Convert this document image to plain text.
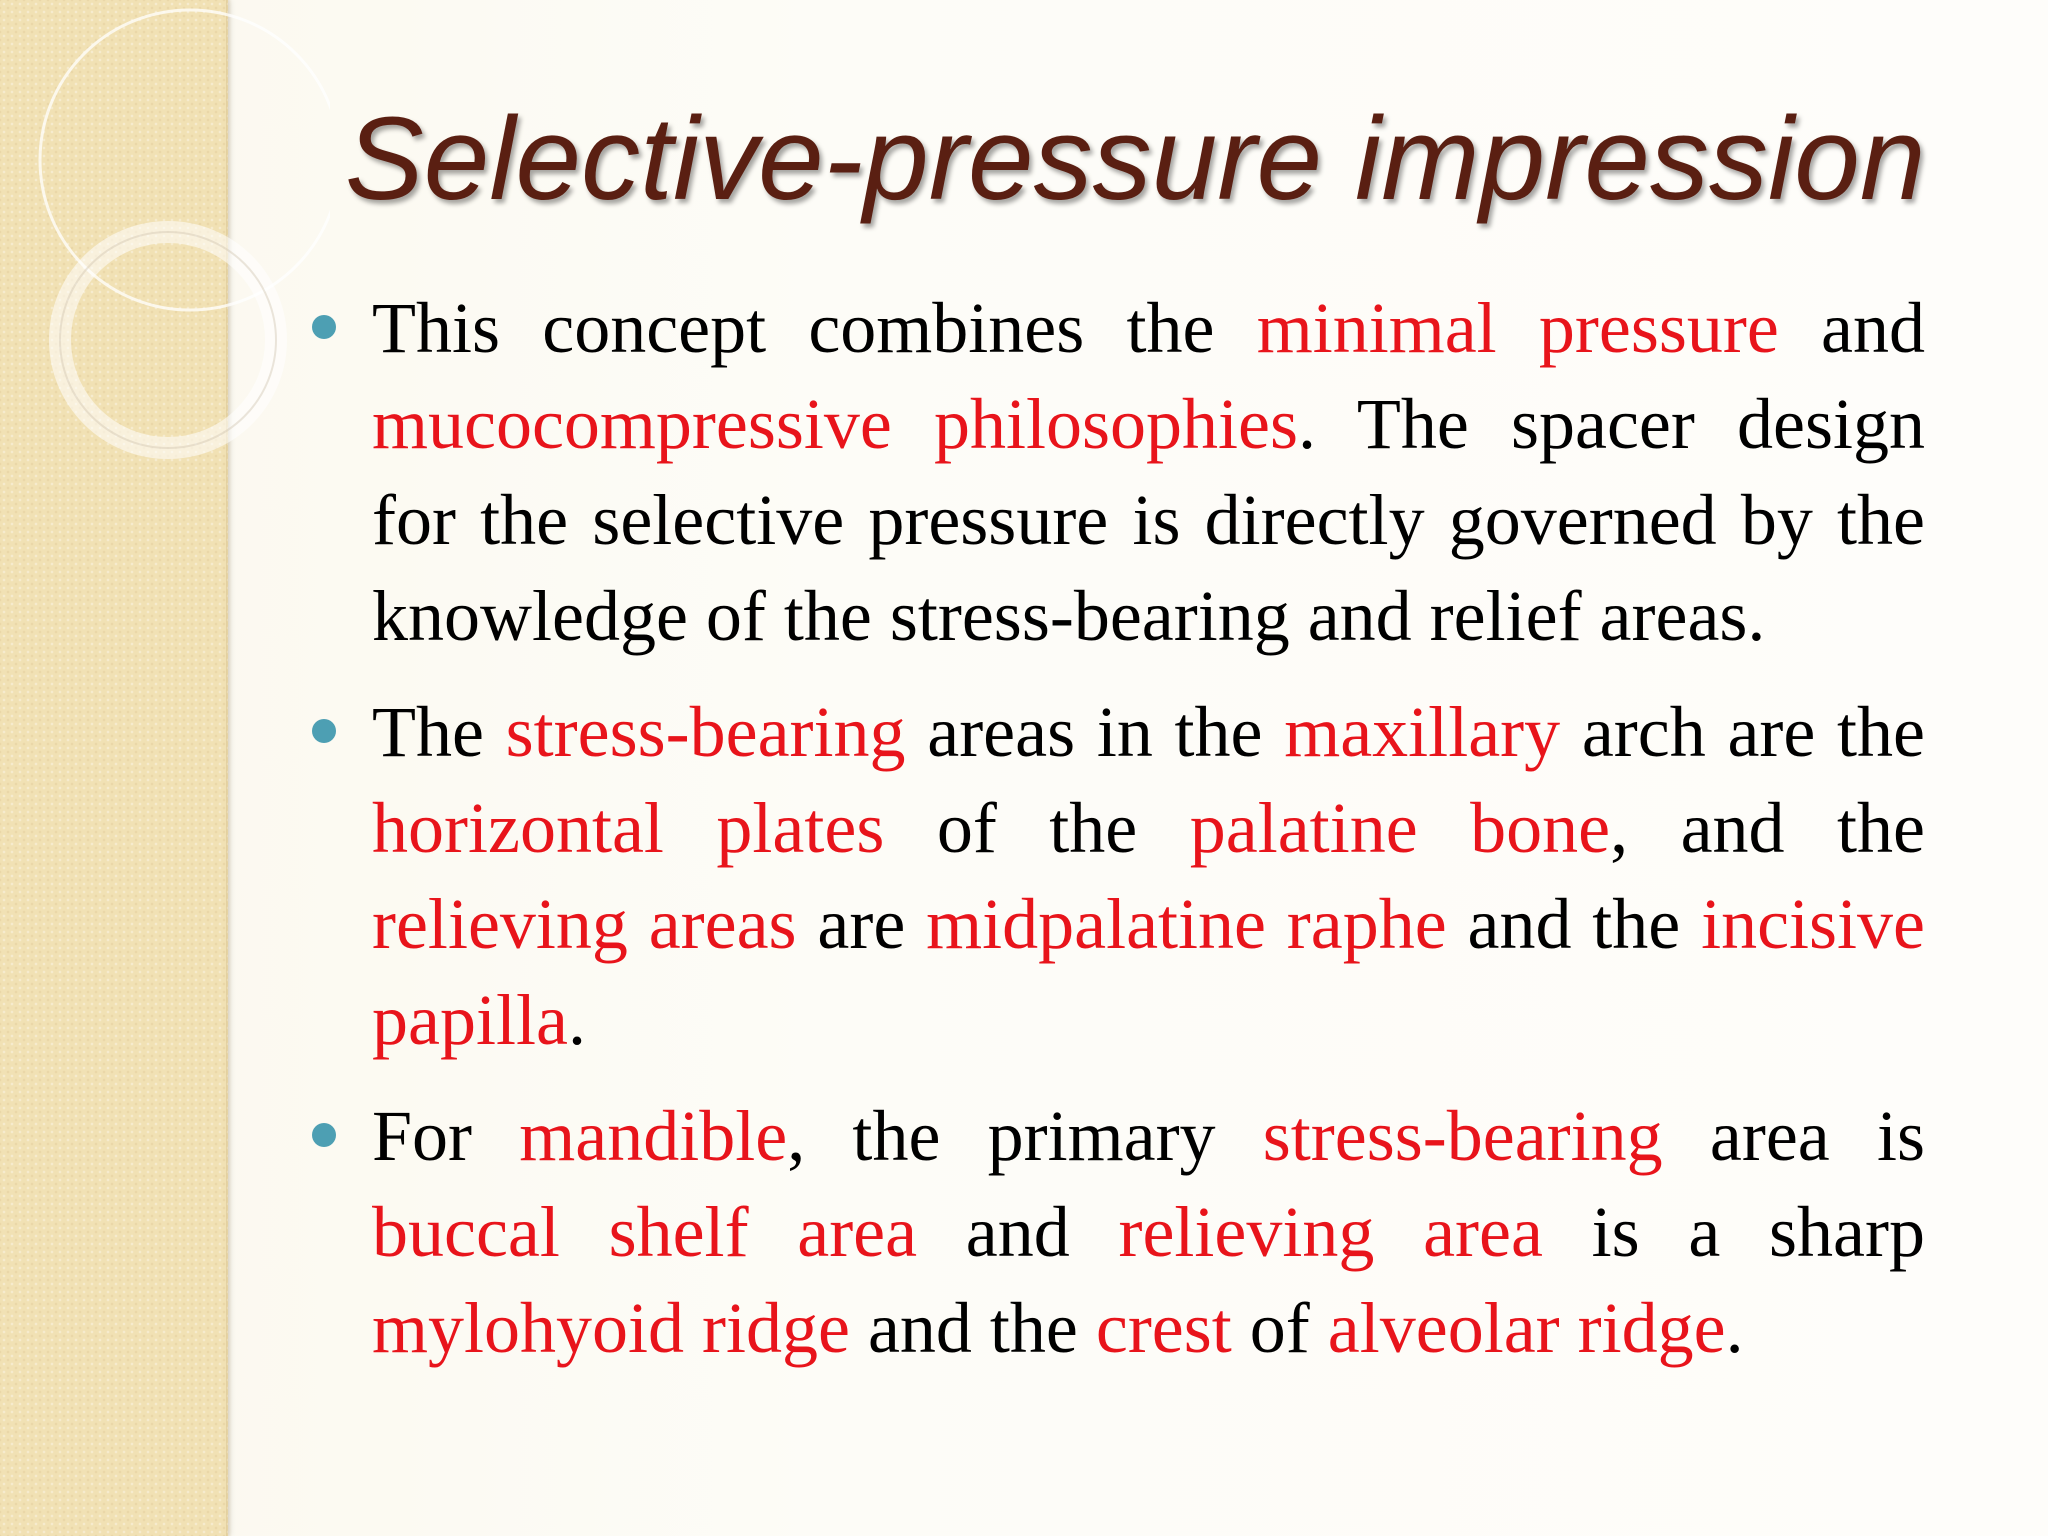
Selective-pressure impression
This concept combines the minimal pressure and mucocompressive philosophies. The spacer design for the selective pressure is directly governed by the knowledge of the stress-bearing and relief areas.
The stress-bearing areas in the maxillary arch are the horizontal plates of the palatine bone, and the relieving areas are midpalatine raphe and the incisive papilla.
For mandible, the primary stress-bearing area is buccal shelf area and relieving area is a sharp mylohyoid ridge and the crest of alveolar ridge.
